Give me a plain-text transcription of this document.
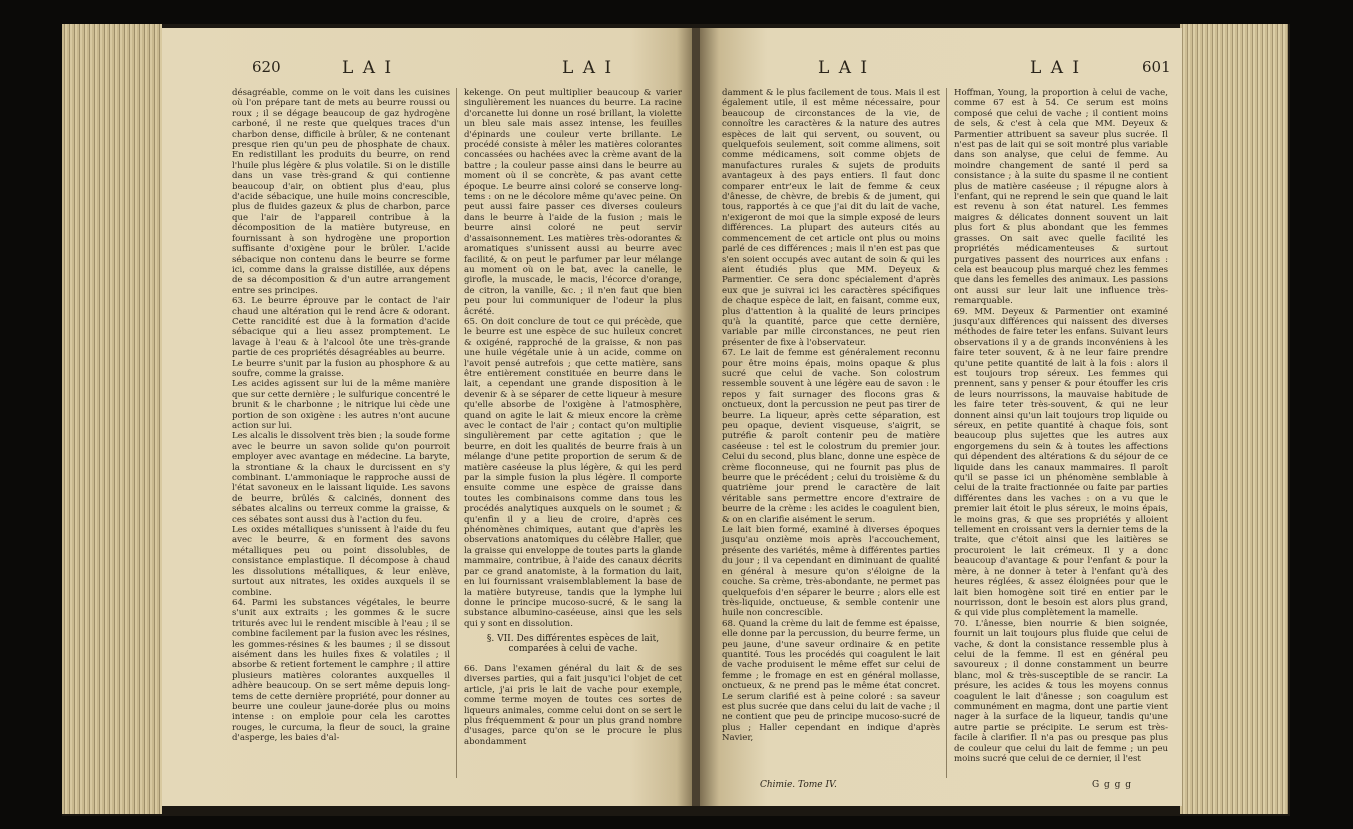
620	L A I	L A I
désagréable, comme on le voit dans les cuisines où l'on prépare tant de mets au beurre roussi ou roux ; il se dégage beaucoup de gaz hydrogène carboné, il ne reste que quelques traces d'un charbon dense, difficile à brûler, & ne contenant presque rien qu'un peu de phosphate de chaux. En redistillant les produits du beurre, on rend l'huile plus légère & plus volatile. Si on le distille dans un vase très-grand & qui contienne beaucoup d'air, on obtient plus d'eau, plus d'acide sébacique, une huile moins concrescible, plus de fluides gazeux & plus de charbon, parce que l'air de l'appareil contribue à la décomposition de la matière butyreuse, en fournissant à son hydrogène une proportion suffisante d'oxigène pour le brûler. L'acide sébacique non contenu dans le beurre se forme ici, comme dans la graisse distillée, aux dépens de sa décomposition & d'un autre arrangement entre ses principes.
63. Le beurre éprouve par le contact de l'air chaud une altération qui le rend âcre & odorant. Cette rancidité est due à la formation d'acide sébacique qui a lieu assez promptement. Le lavage à l'eau & à l'alcool ôte une très-grande partie de ces propriétés désagréables au beurre.
Le beurre s'unit par la fusion au phosphore & au soufre, comme la graisse.
Les acides agissent sur lui de la même manière que sur cette dernière ; le sulfurique concentré le brunit & le charbonne ; le nitrique lui cède une portion de son oxigène : les autres n'ont aucune action sur lui.
Les alcalis le dissolvent très bien ; la soude forme avec le beurre un savon solide qu'on pourroit employer avec avantage en médecine. La baryte, la strontiane & la chaux le durcissent en s'y combinant. L'ammoniaque le rapproche aussi de l'état savoneux en le laissant liquide. Les savons de beurre, brûlés & calcinés, donnent des sébates alcalins ou terreux comme la graisse, & ces sébates sont aussi dus à l'action du feu.
Les oxides métalliques s'unissent à l'aide du feu avec le beurre, & en forment des savons métalliques peu ou point dissolubles, de consistance emplastique. Il décompose à chaud les dissolutions métalliques, & leur enlève, surtout aux nitrates, les oxides auxquels il se combine.
64. Parmi les substances végétales, le beurre s'unit aux extraits ; les gommes & le sucre triturés avec lui le rendent miscible à l'eau ; il se combine facilement par la fusion avec les résines, les gommes-résines & les baumes ; il se dissout aisément dans les huiles fixes & volatiles ; il absorbe & retient fortement le camphre ; il attire plusieurs matières colorantes auxquelles il adhère beaucoup. On se sert même depuis long-tems de cette dernière propriété, pour donner au beurre une couleur jaune-dorée plus ou moins intense : on emploie pour cela les carottes rouges, le curcuma, la fleur de souci, la graine d'asperge, les baies d'al-
kekenge. On peut multiplier beaucoup & varier singulièrement les nuances du beurre. La racine d'orcanette lui donne un rosé brillant, la violette un bleu sale mais assez intense, les feuilles d'épinards une couleur verte brillante. Le procédé consiste à mêler les matières colorantes concassées ou hachées avec la crème avant de la battre ; la couleur passe ainsi dans le beurre au moment où il se concrète, & pas avant cette époque. Le beurre ainsi coloré se conserve long-tems : on ne le décolore même qu'avec peine. On peut aussi faire passer ces diverses couleurs dans le beurre à l'aide de la fusion ; mais le beurre ainsi coloré ne peut servir d'assaisonnement. Les matières très-odorantes & aromatiques s'unissent aussi au beurre avec facilité, & on peut le parfumer par leur mélange au moment où on le bat, avec la canelle, le girofle, la muscade, le macis, l'écorce d'orange, de citron, la vanille, &c. ; il n'en faut que bien peu pour lui communiquer de l'odeur la plus âcrété.
65. On doit conclure de tout ce qui précède, que le beurre est une espèce de suc huileux concret & oxigéné, rapproché de la graisse, & non pas une huile végétale unie à un acide, comme on l'avoit pensé autrefois ; que cette matière, sans être entièrement constituée en beurre dans le lait, a cependant une grande disposition à le devenir & à se séparer de cette liqueur à mesure qu'elle absorbe de l'oxigène à l'atmosphère, quand on agite le lait & mieux encore la crème avec le contact de l'air ; contact qu'on multiplie singulièrement par cette agitation ; que le beurre, en doit les qualités de beurre frais à un mélange d'une petite proportion de serum & de matière caséeuse la plus légère, & qui les perd par la simple fusion la plus légère. Il comporte ensuite comme une espèce de graisse dans toutes les combinaisons comme dans tous les procédés analytiques auxquels on le soumet ; & qu'enfin il y a lieu de croire, d'après ces phénomènes chimiques, autant que d'après les observations anatomiques du célèbre Haller, que la graisse qui enveloppe de toutes parts la glande mammaire, contribue, à l'aide des canaux décrits par ce grand anatomiste, à la formation du lait, en lui fournissant vraisemblablement la base de la matière butyreuse, tandis que la lymphe lui donne le principe mucoso-sucré, & le sang la substance albumino-caséeuse, ainsi que les sels qui y sont en dissolution.
§. VII. Des différentes espèces de lait, comparées à celui de vache.
66. Dans l'examen général du lait & de ses diverses parties, qui a fait jusqu'ici l'objet de cet article, j'ai pris le lait de vache pour exemple, comme terme moyen de toutes ces sortes de liqueurs animales, comme celui dont on se sert le plus fréquemment & pour un plus grand nombre d'usages, parce qu'on se le procure le plus abondamment
L A I	L A I	601
damment & le plus facilement de tous. Mais il est également utile, il est même nécessaire, pour beaucoup de circonstances de la vie, de connoître les caractères & la nature des autres espèces de lait qui servent, ou souvent, ou quelquefois seulement, soit comme alimens, soit comme médicamens, soit comme objets de manufactures rurales & sujets de produits avantageux à des pays entiers. Il faut donc comparer entr'eux le lait de femme & ceux d'ânesse, de chèvre, de brebis & de jument, qui tous, rapportés à ce que j'ai dit du lait de vache, n'exigeront de moi que la simple exposé de leurs différences. La plupart des auteurs cités au commencement de cet article ont plus ou moins parlé de ces différences ; mais il n'en est pas que s'en soient occupés avec autant de soin & qui les aient étudiés plus que MM. Deyeux & Parmentier. Ce sera donc spécialement d'après eux que je suivrai ici les caractères spécifiques de chaque espèce de lait, en faisant, comme eux, plus d'attention à la qualité de leurs principes qu'à la quantité, parce que cette dernière, variable par mille circonstances, ne peut rien présenter de fixe à l'observateur.
67. Le lait de femme est généralement reconnu pour être moins épais, moins opaque & plus sucré que celui de vache. Son colostrum ressemble souvent à une légère eau de savon : le repos y fait surnager des flocons gras & onctueux, dont la percussion ne peut pas tirer de beurre. La liqueur, après cette séparation, est peu opaque, devient visqueuse, s'aigrit, se putréfie & paroît contenir peu de matière caséeuse : tel est le colostrum du premier jour. Celui du second, plus blanc, donne une espèce de crème floconneuse, qui ne fournit pas plus de beurre que le précédent ; celui du troisième & du quatrième jour prend le caractère de lait véritable sans permettre encore d'extraire de beurre de la crème : les acides le coagulent bien, & on en clarifie aisément le serum.
Le lait bien formé, examiné à diverses époques jusqu'au onzième mois après l'accouchement, présente des variétés, même à différentes parties du jour ; il va cependant en diminuant de qualité en général à mesure qu'on s'éloigne de la couche. Sa crème, très-abondante, ne permet pas quelquefois d'en séparer le beurre ; alors elle est très-liquide, onctueuse, & semble contenir une huile non concrescible.
68. Quand la crème du lait de femme est épaisse, elle donne par la percussion, du beurre ferme, un peu jaune, d'une saveur ordinaire & en petite quantité. Tous les procédés qui coagulent le lait de vache produisent le même effet sur celui de femme ; le fromage en est en général mollasse, onctueux, & ne prend pas le même état concret. Le serum clarifié est à peine coloré : sa saveur est plus sucrée que dans celui du lait de vache ; il ne contient que peu de principe mucoso-sucré de plus ; Haller cependant en indique d'après Navier,
Hoffman, Young, la proportion à celui de vache, comme 67 est à 54. Ce serum est moins composé que celui de vache ; il contient moins de sels, & c'est à cela que MM. Deyeux & Parmentier attribuent sa saveur plus sucrée. Il n'est pas de lait qui se soit montré plus variable dans son analyse, que celui de femme. Au moindre changement de santé il perd sa consistance ; à la suite du spasme il ne contient plus de matière caséeuse ; il répugne alors à l'enfant, qui ne reprend le sein que quand le lait est revenu à son état naturel. Les femmes maigres & délicates donnent souvent un lait plus fort & plus abondant que les femmes grasses. On sait avec quelle facilité les propriétés médicamenteuses & surtout purgatives passent des nourrices aux enfans : cela est beaucoup plus marqué chez les femmes que dans les femelles des animaux. Les passions ont aussi sur leur lait une influence très-remarquable.
69. MM. Deyeux & Parmentier ont examiné jusqu'aux différences qui naissent des diverses méthodes de faire teter les enfans. Suivant leurs observations il y a de grands inconvéniens à les faire teter souvent, & à ne leur faire prendre qu'une petite quantité de lait à la fois : alors il est toujours trop séreux. Les femmes qui prennent, sans y penser & pour étouffer les cris de leurs nourrissons, la mauvaise habitude de les faire teter très-souvent, & qui ne leur donnent ainsi qu'un lait toujours trop liquide ou séreux, en petite quantité à chaque fois, sont beaucoup plus sujettes que les autres aux engorgemens du sein & à toutes les affections qui dépendent des altérations & du séjour de ce liquide dans les canaux mammaires. Il paroît qu'il se passe ici un phénomène semblable à celui de la traite fractionnée ou faite par parties différentes dans les vaches : on a vu que le premier lait étoit le plus séreux, le moins épais, le moins gras, & que ses propriétés y alloient tellement en croissant vers la dernier tems de la traite, que c'étoit ainsi que les laitières se procuroient le lait crémeux. Il y a donc beaucoup d'avantage & pour l'enfant & pour la mère, à ne donner à teter à l'enfant qu'à des heures réglées, & assez éloignées pour que le lait bien homogène soit tiré en entier par le nourrisson, dont le besoin est alors plus grand, & qui vide plus complètement la mamelle.
70. L'ânesse, bien nourrie & bien soignée, fournit un lait toujours plus fluide que celui de vache, & dont la consistance ressemble plus à celui de la femme. Il est en général peu savoureux ; il donne constamment un beurre blanc, mol & très-susceptible de se rancir. La présure, les acides & tous les moyens connus coagulent le lait d'ânesse ; son coagulum est communément en magma, dont une partie vient nager à la surface de la liqueur, tandis qu'une autre partie se précipite. Le serum est très-facile à clarifier. Il n'a pas ou presque pas plus de couleur que celui du lait de femme ; un peu moins sucré que celui de ce dernier, il l'est
Chimie. Tome IV.	G g g g
